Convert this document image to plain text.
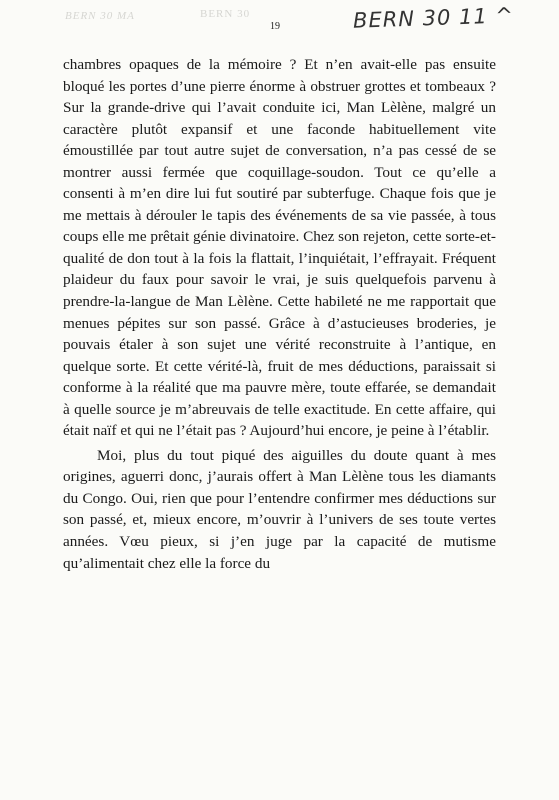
BERN 30 MA	BERN 30
19	BERN 30 11 ^

chambres opaques de la mémoire ? Et n’en avait-elle pas ensuite bloqué les portes d’une pierre énorme à obstruer grottes et tombeaux ? Sur la grande-drive qui l’avait conduite ici, Man Lèlène, malgré un caractère plutôt expansif et une faconde habituellement vite émoustillée par tout autre sujet de conversation, n’a pas cessé de se montrer aussi fermée que coquillage-soudon. Tout ce qu’elle a consenti à m’en dire lui fut soutiré par subterfuge. Chaque fois que je me mettais à dérouler le tapis des événements de sa vie passée, à tous coups elle me prêtait génie divinatoire. Chez son rejeton, cette sorte-et-qualité de don tout à la fois la flattait, l’inquiétait, l’effrayait. Fréquent plaideur du faux pour savoir le vrai, je suis quelquefois parvenu à prendre-la-langue de Man Lèlène. Cette habileté ne me rapportait que menues pépites sur son passé. Grâce à d’astucieuses broderies, je pouvais étaler à son sujet une vérité reconstruite à l’antique, en quelque sorte. Et cette vérité-là, fruit de mes déductions, paraissait si conforme à la réalité que ma pauvre mère, toute effarée, se demandait à quelle source je m’abreuvais de telle exactitude. En cette affaire, qui était naïf et qui ne l’était pas ? Aujourd’hui encore, je peine à l’établir.

Moi, plus du tout piqué des aiguilles du doute quant à mes origines, aguerri donc, j’aurais offert à Man Lèlène tous les diamants du Congo. Oui, rien que pour l’entendre confirmer mes déductions sur son passé, et, mieux encore, m’ouvrir à l’univers de ses toute vertes années. Vœu pieux, si j’en juge par la capacité de mutisme qu’alimentait chez elle la force du
